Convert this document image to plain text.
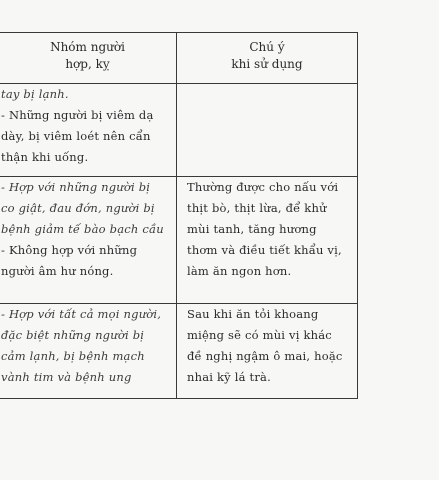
Nhóm người
hợp, kỵ	Chú ý
khi sử dụng

tay bị lạnh.
- Những người bị viêm dạ
dày, bị viêm loét nên cẩn
thận khi uống.	

- Hợp với những người bị
co giật, đau đớn, người bị
bệnh giảm tế bào bạch cầu
- Không hợp với những
người âm hư nóng.	Thường được cho nấu với
thịt bò, thịt lừa, để khử
mùi tanh, tăng hương
thơm và điều tiết khẩu vị,
làm ăn ngon hơn.

- Hợp với tất cả mọi người,
đặc biệt những người bị
cảm lạnh, bị bệnh mạch
vành tim và bệnh ung	Sau khi ăn tỏi khoang
miệng sẽ có mùi vị khác
đề nghị ngậm ô mai, hoặc
nhai kỹ lá trà.
